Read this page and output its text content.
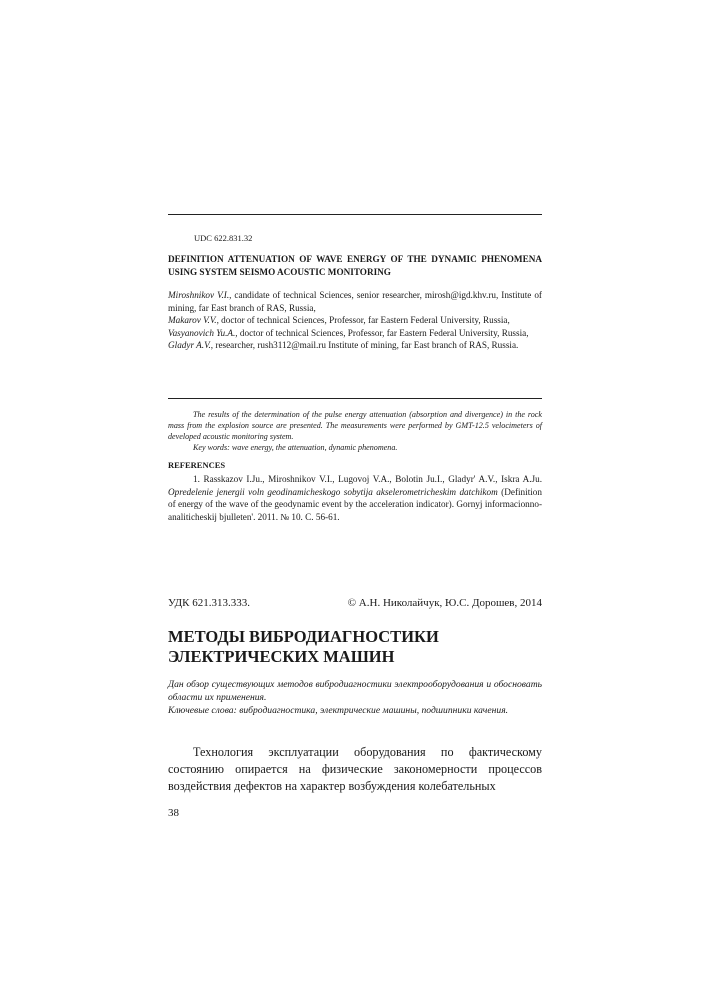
UDC 622.831.32
DEFINITION ATTENUATION OF WAVE ENERGY OF THE DYNAMIC PHENOMENA USING SYSTEM SEISMO ACOUSTIC MONITORING

Miroshnikov V.I., candidate of technical Sciences, senior researcher, mirosh@igd.khv.ru, Institute of mining, far East branch of RAS, Russia,

Makarov V.V., doctor of technical Sciences, Professor, far Eastern Federal University, Russia,

Vasyanovich Yu.A., doctor of technical Sciences, Professor, far Eastern Federal University, Russia,

Gladyr A.V., researcher, rush3112@mail.ru Institute of mining, far East branch of RAS, Russia.

The results of the determination of the pulse energy attenuation (absorption and divergence) in the rock mass from the explosion source are presented. The measurements were performed by GMT-12.5 velocimeters of developed acoustic monitoring system.

Key words: wave energy, the attenuation, dynamic phenomena.

REFERENCES
1. Rasskazov I.Ju., Miroshnikov V.I., Lugovoj V.A., Bolotin Ju.I., Gladyr' A.V., Iskra A.Ju. Opredelenie jenergii voln geodinamicheskogo sobytija akselerometricheskim datchikom (Definition of energy of the wave of the geodynamic event by the acceleration indicator). Gornyj informacionno-analiticheskij bjulleten'. 2011. № 10. С. 56-61.
УДК 621.313.333.	© А.Н. Николайчук, Ю.С. Дорошев, 2014
МЕТОДЫ ВИБРОДИАГНОСТИКИ
ЭЛЕКТРИЧЕСКИХ МАШИН

Дан обзор существующих методов вибродиагностики электрооборудования и обосновать области их применения.

Ключевые слова: вибродиагностика, электрические машины, подшипники качения.

Технология эксплуатации оборудования по фактическому состоянию опирается на физические закономерности процессов воздействия дефектов на характер возбуждения колебательных
38
